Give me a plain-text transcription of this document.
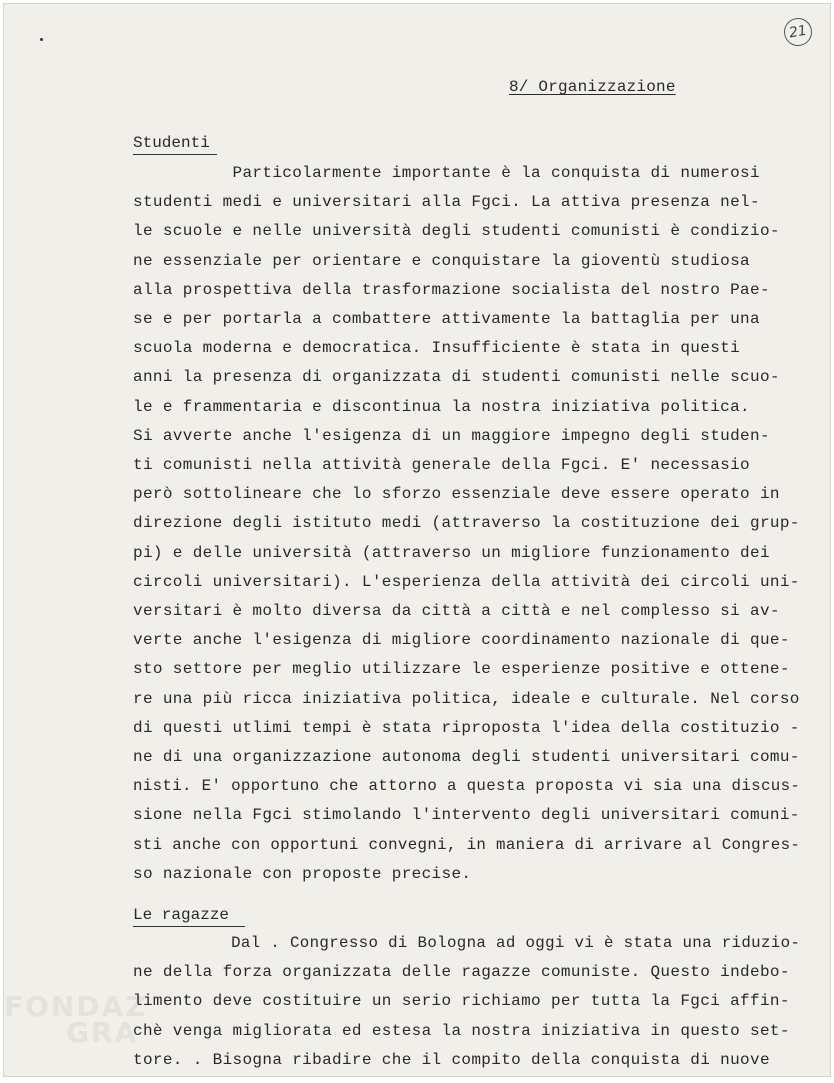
21
FONDAZ
GRA
8/ Organizzazione
Studenti
Particolarmente importante è la conquista di numerosi
studenti medi e universitari alla Fgci. La attiva presenza nel-
le scuole e nelle università degli studenti comunisti è condizio-
ne essenziale per orientare e conquistare la gioventù studiosa
alla prospettiva della trasformazione socialista del nostro Pae-
se e per portarla a combattere attivamente la battaglia per una
scuola moderna e democratica. Insufficiente è stata in questi
anni la presenza di organizzata di studenti comunisti nelle scuo-
le e frammentaria e discontinua la nostra iniziativa politica.
Si avverte anche l'esigenza di un maggiore impegno degli studen-
ti comunisti nella attività generale della Fgci. E' necessasio
però sottolineare che lo sforzo essenziale deve essere operato in
direzione degli istituto medi (attraverso la costituzione dei grup-
pi) e delle università (attraverso un migliore funzionamento dei
circoli universitari). L'esperienza della attività dei circoli uni-
versitari è molto diversa da città a città e nel complesso si av-
verte anche l'esigenza di migliore coordinamento nazionale di que-
sto settore per meglio utilizzare le esperienze positive e ottene-
re una più ricca iniziativa politica, ideale e culturale. Nel corso
di questi utlimi tempi è stata riproposta l'idea della costituzio -
ne di una organizzazione autonoma degli studenti universitari comu-
nisti. E' opportuno che attorno a questa proposta vi sia una discus-
sione nella Fgci stimolando l'intervento degli universitari comuni-
sti anche con opportuni convegni, in maniera di arrivare al Congres-
so nazionale con proposte precise.
Le ragazze
Dal . Congresso di Bologna ad oggi vi è stata una riduzio-
ne della forza organizzata delle ragazze comuniste. Questo indebo-
limento deve costituire un serio richiamo per tutta la Fgci affin-
chè venga migliorata ed estesa la nostra iniziativa in questo set-
tore. . Bisogna ribadire che il compito della conquista di nuove
